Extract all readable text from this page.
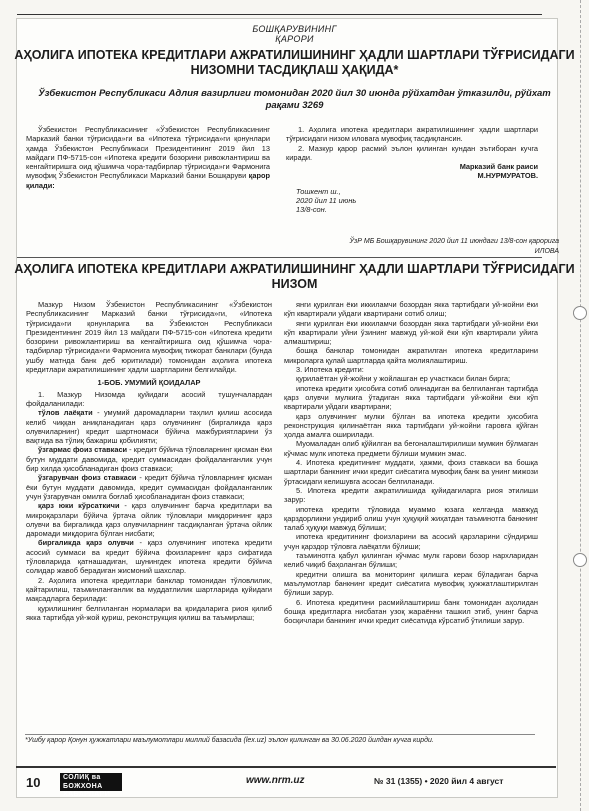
БОШҚАРУВИНИНГ
ҚАРОРИ
АҲОЛИГА ИПОТЕКА КРЕДИТЛАРИ АЖРАТИЛИШИНИНГ ҲАДЛИ ШАРТЛАРИ ТЎҒРИСИДАГИ НИЗОМНИ ТАСДИҚЛАШ ҲАҚИДА*
Ўзбекистон Республикаси Адлия вазирлиги томонидан 2020 йил 30 июнда рўйхатдан ўтказилди, рўйхат рақами 3269

Ўзбекистон Республикасининг «Ўзбекистон Республикасининг Марказий банки тўғрисида»ги ва «Ипотека тўғрисида»ги қонунлари ҳамда Ўзбекистон Республикаси Президентининг 2019 йил 13 майдаги ПФ-5715-сон «Ипотека кредити бозорини ривожлантириш ва кенгайтиришга оид қўшимча чора-тадбирлар тўғрисида»ги Фармонига мувофиқ Ўзбекистон Республикаси Марказий банки Бошқаруви қарор қилади:

1. Аҳолига ипотека кредитлари ажратилишининг ҳадли шартлари тўғрисидаги низом иловага мувофиқ тасдиқлансин.

2. Мазкур қарор расмий эълон қилинган кундан эътиборан кучга киради.

Марказий банк раиси
М.НУРМУРАТОВ.
Тошкент ш.,
2020 йил 11 июнь
13/8-сон.
ЎзР МБ Бошқарувининг 2020 йил 11 июндаги 13/8-сон қарорига
ИЛОВА
АҲОЛИГА ИПОТЕКА КРЕДИТЛАРИ АЖРАТИЛИШИНИНГ ҲАДЛИ ШАРТЛАРИ ТЎҒРИСИДАГИ НИЗОМ

Мазкур Низом Ўзбекистон Республикасининг «Ўзбекистон Республикасининг Марказий банки тўғрисида»ги, «Ипотека тўғрисида»ги қонунларига ва Ўзбекистон Республикаси Президентининг 2019 йил 13 майдаги ПФ-5715-сон «Ипотека кредити бозорини ривожлантириш ва кенгайтиришга оид қўшимча чора-тадбирлар тўғрисида»ги Фармонига мувофиқ тижорат банклари (бунда ушбу матнда банк деб юритилади) томонидан аҳолига ипотека кредитлари ажратилишининг ҳадли шартларини белгилайди.

1-БОБ. УМУМИЙ ҚОИДАЛАР

1. Мазкур Низомда қуйидаги асосий тушунчалардан фойдаланилади:

тўлов лаёқати - умумий даромадларни таҳлил қилиш асосида келиб чиққан аниқланадиган қарз олувчининг (биргаликда қарз олувчиларнинг) кредит шартномаси бўйича мажбуриятларини ўз вақтида ва тўлиқ бажариш қобилияти;

ўзгармас фоиз ставкаси - кредит бўйича тўловларнинг қисман ёки бутун муддати давомида, кредит суммасидан фойдаланганлик учун бир хилда ҳисобланадиган фоиз ставкаси;

ўзгарувчан фоиз ставкаси - кредит бўйича тўловларнинг қисман ёки бутун муддати давомида, кредит суммасидан фойдаланганлик учун ўзгарувчан омилга боғлаб ҳисобланадиган фоиз ставкаси;

қарз юки кўрсаткичи - қарз олувчининг барча кредитлари ва микроқарзлари бўйича ўртача ойлик тўловлари миқдорининг қарз олувчи ва биргаликда қарз олувчиларнинг тасдиқланган ўртача ойлик даромади миқдорига бўлган нисбати;

биргаликда қарз олувчи - қарз олувчининг ипотека кредити асосий суммаси ва кредит бўйича фоизларнинг қарз сифатида тўловларида қатнашадиган, шунингдек ипотека кредити бўйича солидар жавоб берадиган жисмоний шахслар.

2. Аҳолига ипотека кредитлари банклар томонидан тўловлилик, қайтарилиш, таъминланганлик ва муддатлилик шартларида қуйидаги мақсадларга берилади:

қурилишнинг белгиланган нормалари ва қоидаларига риоя қилиб якка тартибда уй-жой қуриш, реконструкция қилиш ва таъмирлаш;

янги қурилган ёки иккиламчи бозордан якка тартибдаги уй-жойни ёки кўп квартирали уйдаги квартирани сотиб олиш;

янги қурилган ёки иккиламчи бозордан якка тартибдаги уй-жойни ёки кўп квартирали уйни ўзининг мавжуд уй-жой ёки кўп квартирали уйига алмаштириш;

бошқа банклар томонидан ажратилган ипотека кредитларини микроларга қулай шартларда қайта молиялаштириш.

3. Ипотека кредити:

қурилаётган уй-жойни у жойлашган ер участкаси билан бирга;

ипотека кредити ҳисобига сотиб олинадиган ва белгиланган тартибда қарз олувчи мулкига ўтадиган якка тартибдаги уй-жойни ёки кўп квартирали уйдаги квартирани;

қарз олувчининг мулки бўлган ва ипотека кредити ҳисобига реконструкция қилинаётган якка тартибдаги уй-жойни гаровга қўйган ҳолда амалга оширилади.

Муомаладан олиб қўйилган ва бегоналаштирилиши мумкин бўлмаган кўчмас мулк ипотека предмети бўлиши мумкин эмас.

4. Ипотека кредитининг муддати, ҳажми, фоиз ставкаси ва бошқа шартлари банкнинг ички кредит сиёсатига мувофиқ банк ва унинг мижози ўртасидаги келишувга асосан белгиланади.

5. Ипотека кредити ажратилишида қуйидагиларга риоя этилиши зарур:

ипотека кредити тўловида муаммо юзага келганда мавжуд қарздорликни ундириб олиш учун ҳуқуқий жиҳатдан таъминотга банкнинг талаб ҳуқуқи мавжуд бўлиши;

ипотека кредитининг фоизларини ва асосий қарзларини сўндириш учун қарздор тўловга лаёқатли бўлиши;

таъминотга қабул қилинган кўчмас мулк гарови бозор нархларидан келиб чиқиб баҳоланган бўлиши;

кредитни олишга ва мониторинг қилишга керак бўладиган барча маълумотлар банкнинг кредит сиёсатига мувофиқ ҳужжатлаштирилган бўлиши зарур.

6. Ипотека кредитини расмийлаштириш банк томонидан аҳолидан бошқа кредитларга нисбатан узоқ жараённи ташкил этиб, унинг барча босқичлари банкнинг ички кредит сиёсатида кўрсатиб ўтилиши зарур.

*Ушбу қарор Қонун ҳужжатлари маълумотлари миллий базасида (lex.uz) эълон қилинган ва 30.06.2020 йилдан кучга кирди.
10	СОЛИҚ ва
БОЖХОНА ХАБАРЛАРИ
www.nrm.uz	№ 31 (1355) • 2020 йил 4 август
